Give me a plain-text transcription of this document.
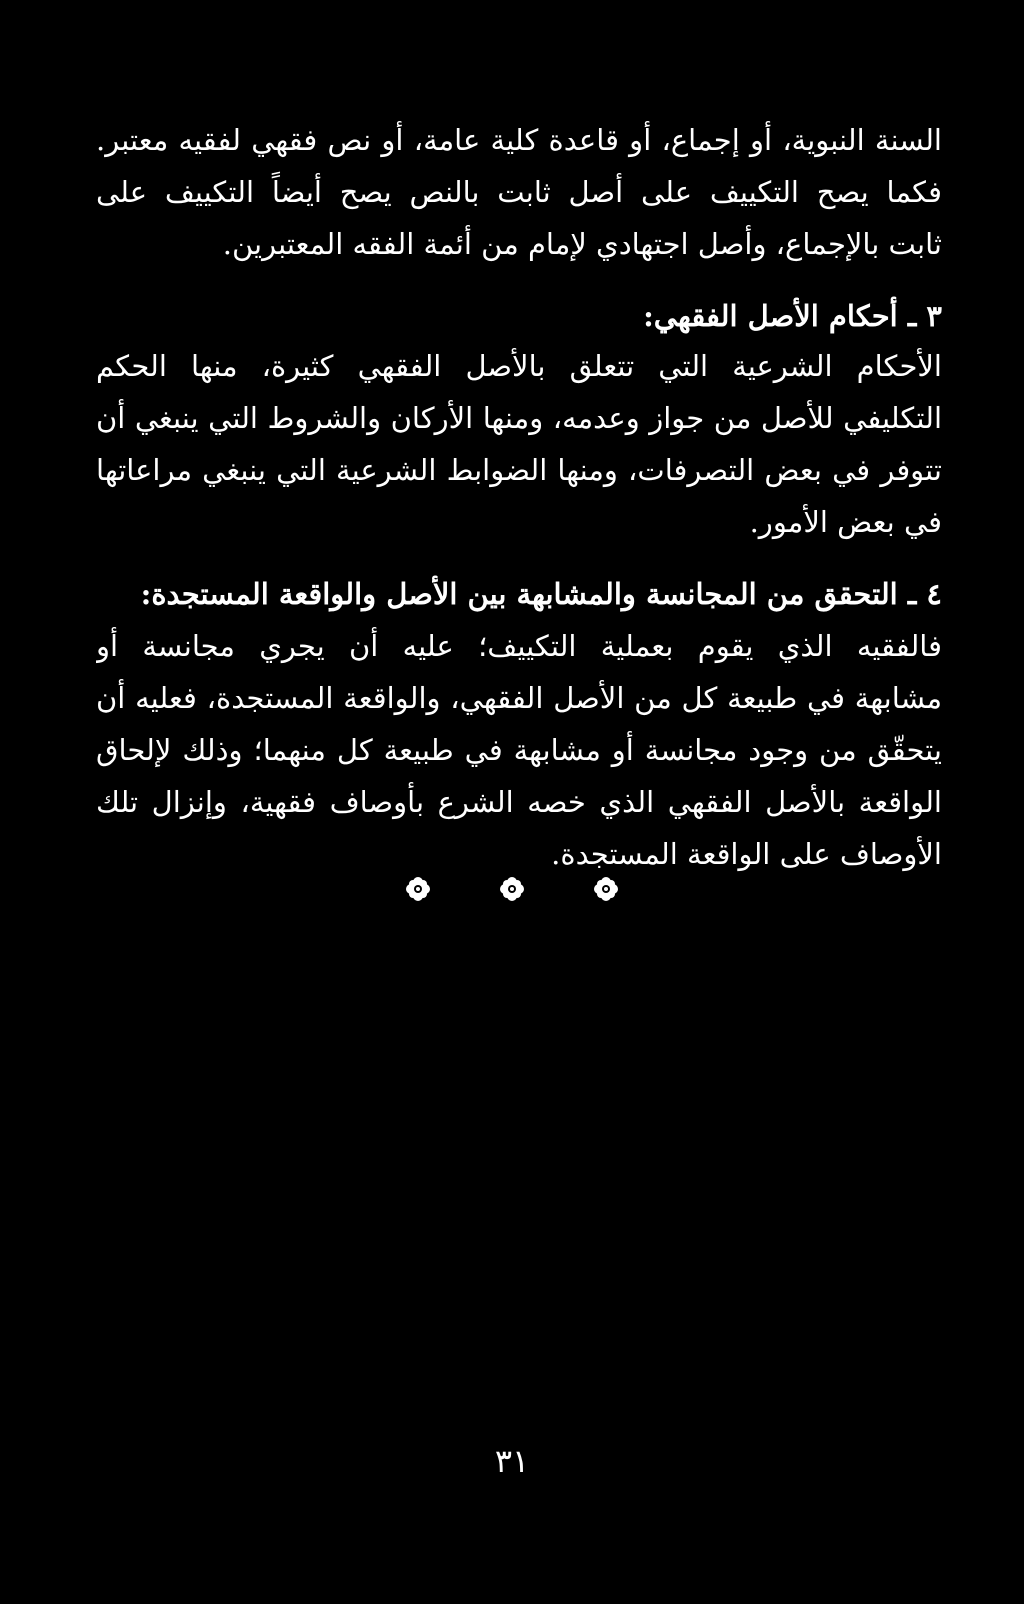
السنة النبوية، أو إجماع، أو قاعدة كلية عامة، أو نص فقهي لفقيه معتبر.
فكما يصح التكييف على أصل ثابت بالنص يصح أيضاً التكييف على
ثابت بالإجماع، وأصل اجتهادي لإمام من أئمة الفقه المعتبرين.
٣ ـ أحكام الأصل الفقهي:
الأحكام الشرعية التي تتعلق بالأصل الفقهي كثيرة، منها الحكم
التكليفي للأصل من جواز وعدمه، ومنها الأركان والشروط التي ينبغي أن
تتوفر في بعض التصرفات، ومنها الضوابط الشرعية التي ينبغي مراعاتها
في بعض الأمور.
٤ ـ التحقق من المجانسة والمشابهة بين الأصل والواقعة المستجدة:
فالفقيه الذي يقوم بعملية التكييف؛ عليه أن يجري مجانسة أو
مشابهة في طبيعة كل من الأصل الفقهي، والواقعة المستجدة، فعليه أن
يتحقّق من وجود مجانسة أو مشابهة في طبيعة كل منهما؛ وذلك لإلحاق
الواقعة بالأصل الفقهي الذي خصه الشرع بأوصاف فقهية، وإنزال تلك
الأوصاف على الواقعة المستجدة.

٣١
